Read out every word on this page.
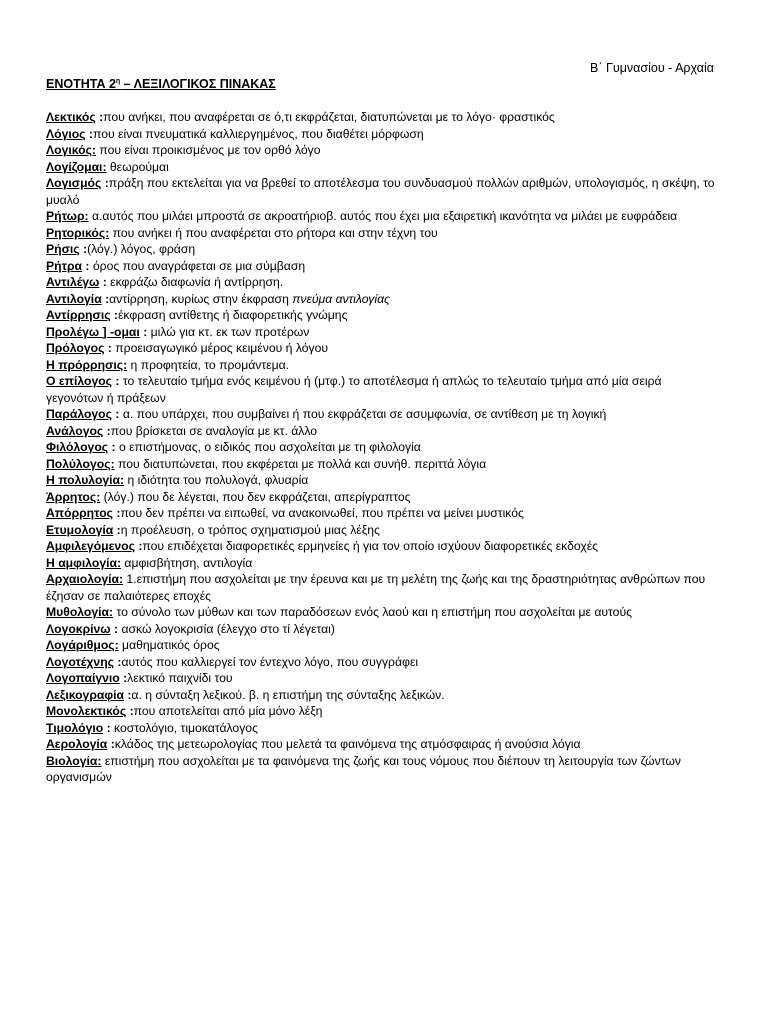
Β΄ Γυμνασίου - Αρχαία
ΕΝΟΤΗΤΑ $2^\eta$ – ΛΕΞΙΛΟΓΙΚΟΣ ΠΙΝΑΚΑΣ
Λεκτικός :που ανήκει, που αναφέρεται σε ό,τι εκφράζεται, διατυπώνεται με το λόγο· φραστικός
Λόγιος :που είναι πνευματικά καλλιεργημένος, που διαθέτει μόρφωση
Λογικός: που είναι προικισμένος με τον ορθό λόγο
Λογίζομαι: θεωρούμαι
Λογισμός :πράξη που εκτελείται για να βρεθεί το αποτέλεσμα του συνδυασμού πολλών αριθμών, υπολογισμός, η σκέψη, το μυαλό
Ρήτωρ: α.αυτός που μιλάει μπροστά σε ακροατήριοβ. αυτός που έχει μια εξαιρετική ικανότητα να μιλάει με ευφράδεια
Ρητορικός: που ανήκει ή που αναφέρεται στο ρήτορα και στην τέχνη του
Ρήσις :(λόγ.) λόγος, φράση
Ρήτρα : όρος που αναγράφεται σε μια σύμβαση
Αντιλέγω : εκφράζω διαφωνία ή αντίρρηση.
Αντιλογία :αντίρρηση, κυρίως στην έκφραση πνεύμα αντιλογίας
Αντίρρησις :έκφραση αντίθετης ή διαφορετικής γνώμης
Προλέγω ] -ομαι : μιλώ για κτ. εκ των προτέρων
Πρόλογος : προεισαγωγικό μέρος κειμένου ή λόγου
Η πρόρρησις: η προφητεία, το προμάντεμα.
Ο επίλογος : το τελευταίο τμήμα ενός κειμένου ή (μτφ.) το αποτέλεσμα ή απλώς το τελευταίο τμήμα από μία σειρά γεγονότων ή πράξεων
Παράλογος : α. που υπάρχει, που συμβαίνει ή που εκφράζεται σε ασυμφωνία, σε αντίθεση με τη λογική
Ανάλογος :που βρίσκεται σε αναλογία με κτ. άλλο
Φιλόλογος : ο επιστήμονας, ο ειδικός που ασχολείται με τη φιλολογία
Πολύλογος: που διατυπώνεται, που εκφέρεται με πολλά και συνήθ. περιττά λόγια
Η πολυλογία: η ιδιότητα του πολυλογά, φλυαρία
Άρρητος: (λόγ.) που δε λέγεται, που δεν εκφράζεται, απερίγραπτος
Απόρρητος :που δεν πρέπει να ειπωθεί, να ανακοινωθεί, που πρέπει να μείνει μυστικός
Ετυμολογία :η προέλευση, ο τρόπος σχηματισμού μιας λέξης
Αμφιλεγόμενος :που επιδέχεται διαφορετικές ερμηνείες ή για τον οποίο ισχύουν διαφορετικές εκδοχές
Η αμφιλογία: αμφισβήτηση, αντιλογία
Αρχαιολογία: 1.επιστήμη που ασχολείται με την έρευνα και με τη μελέτη της ζωής και της δραστηριότητας ανθρώπων που έζησαν σε παλαιότερες εποχές
Μυθολογία: το σύνολο των μύθων και των παραδόσεων ενός λαού και η επιστήμη που ασχολείται με αυτούς
Λογοκρίνω : ασκώ λογοκρισία (έλεγχο στο τί λέγεται)
Λογάριθμος: μαθηματικός όρος
Λογοτέχνης :αυτός που καλλιεργεί τον έντεχνο λόγο, που συγγράφει
Λογοπαίγνιο :λεκτικό παιχνίδι του
Λεξικογραφία :α. η σύνταξη λεξικού. β. η επιστήμη της σύνταξης λεξικών.
Μονολεκτικός :που αποτελείται από μία μόνο λέξη
Τιμολόγιο : κοστολόγιο, τιμοκατάλογος
Αερολογία :κλάδος της μετεωρολογίας που μελετά τα φαινόμενα της ατμόσφαιρας ή ανούσια λόγια
Βιολογία: επιστήμη που ασχολείται με τα φαινόμενα της ζωής και τους νόμους που διέπουν τη λειτουργία των ζώντων οργανισμών
